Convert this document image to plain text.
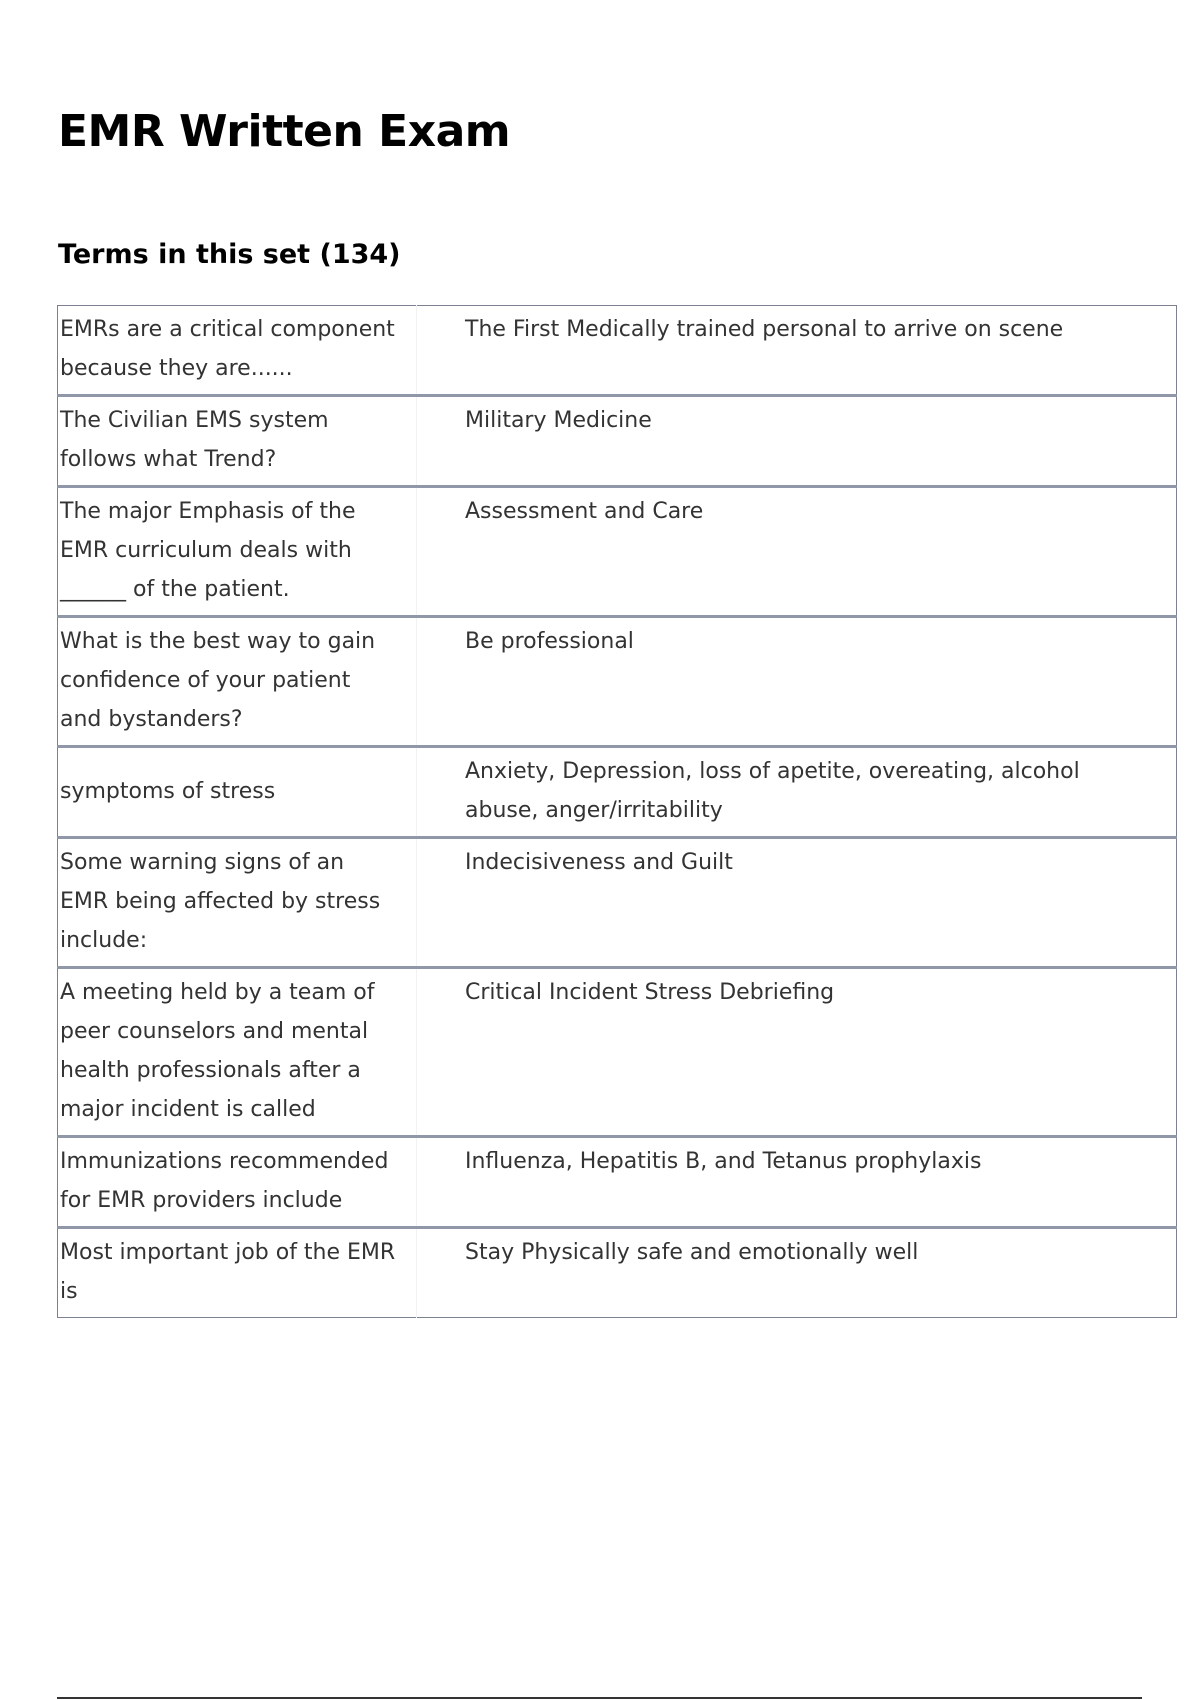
EMR Written Exam
Terms in this set (134)
EMRs are a critical component because they are......	The First Medically trained personal to arrive on scene
The Civilian EMS system follows what Trend?	Military Medicine
The major Emphasis of the EMR curriculum deals with ______ of the patient.	Assessment and Care
What is the best way to gain confidence of your patient and bystanders?	Be professional
symptoms of stress	Anxiety, Depression, loss of apetite, overeating, alcohol abuse, anger/irritability
Some warning signs of an EMR being affected by stress include:	Indecisiveness and Guilt
A meeting held by a team of peer counselors and mental health professionals after a major incident is called	Critical Incident Stress Debriefing
Immunizations recommended for EMR providers include	Influenza, Hepatitis B, and Tetanus prophylaxis
Most important job of the EMR is	Stay Physically safe and emotionally well
